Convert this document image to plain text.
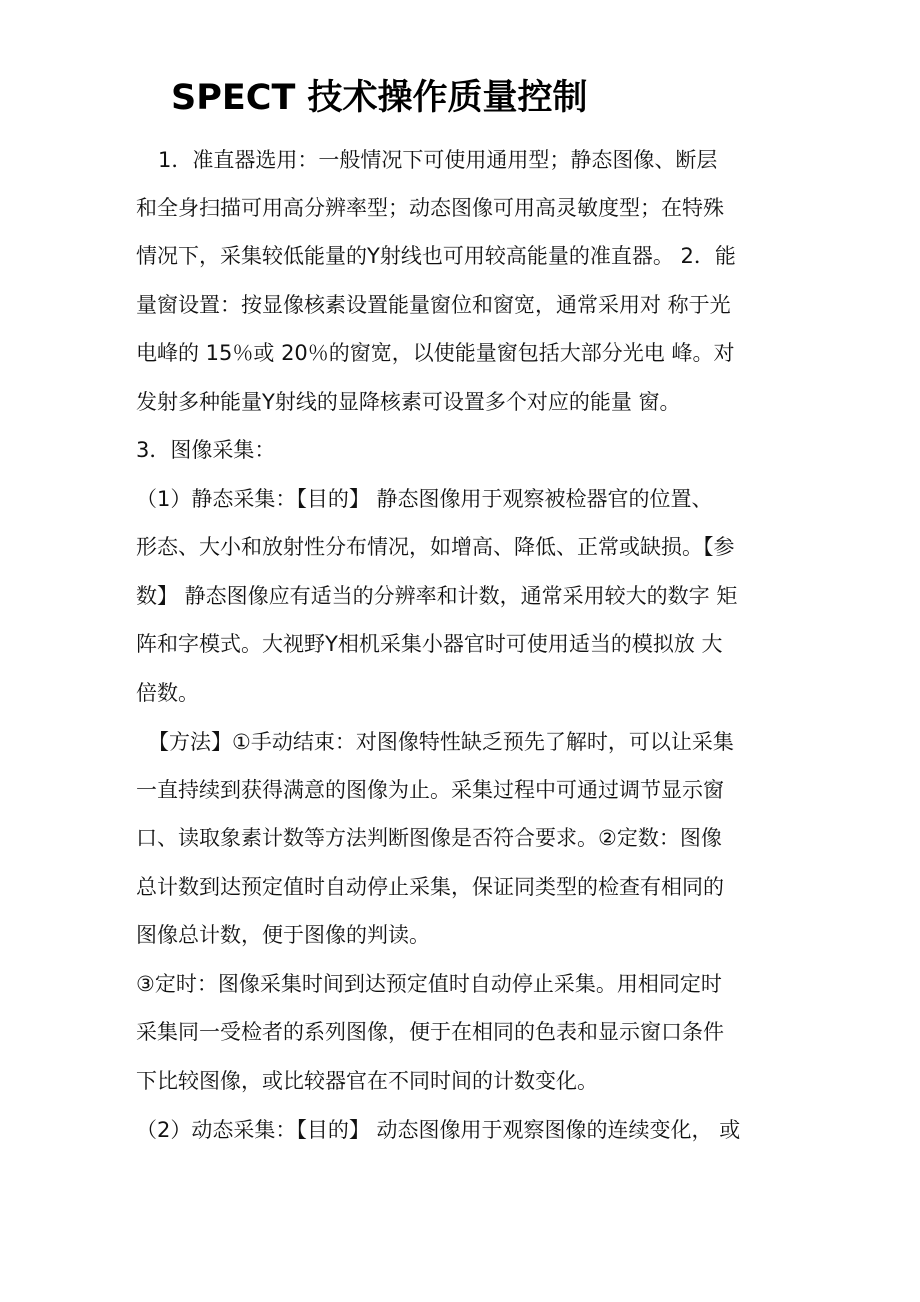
SPECT 技术操作质量控制

1．准直器选用：一般情况下可使用通用型；静态图像、断层

和全身扫描可用高分辨率型；动态图像可用高灵敏度型；在特殊

情况下，采集较低能量的Y射线也可用较高能量的准直器。 2．能

量窗设置：按显像核素设置能量窗位和窗宽，通常采用对 称于光

电峰的 15％或 20％的窗宽，以使能量窗包括大部分光电 峰。对

发射多种能量Y射线的显降核素可设置多个对应的能量 窗。

3．图像采集：

（1）静态采集：【目的】 静态图像用于观察被检器官的位置、

形态、大小和放射性分布情况，如增高、降低、正常或缺损。【参

数】 静态图像应有适当的分辨率和计数，通常采用较大的数字 矩

阵和字模式。大视野Y相机采集小器官时可使用适当的模拟放 大

倍数。

【方法】①手动结束：对图像特性缺乏预先了解时，可以让采集

一直持续到获得满意的图像为止。采集过程中可通过调节显示窗

口、读取象素计数等方法判断图像是否符合要求。②定数：图像

总计数到达预定值时自动停止采集，保证同类型的检查有相同的

图像总计数，便于图像的判读。

③定时：图像采集时间到达预定值时自动停止采集。用相同定时

采集同一受检者的系列图像，便于在相同的色表和显示窗口条件

下比较图像，或比较器官在不同时间的计数变化。

（2）动态采集：【目的】 动态图像用于观察图像的连续变化， 或
